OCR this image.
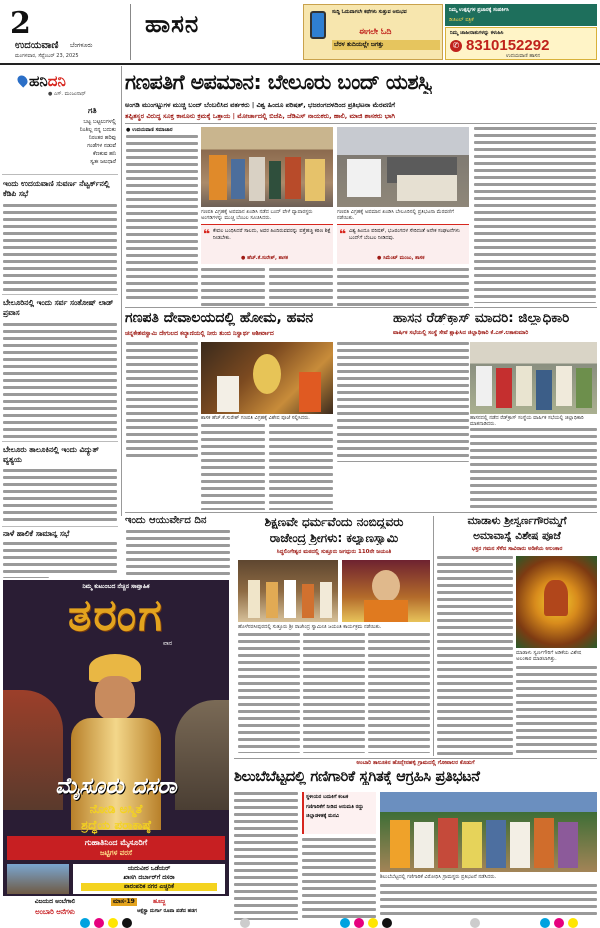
2
ಉದಯವಾಣಿ ಬೆಂಗಳೂರು
ಮಂಗಳವಾರ, ಸೆಪ್ಟೆಂಬರ್ 23, 2025
ಹಾಸನ	ಸುದ್ದಿ ಓದುವಾಗಲೇ ಕಥೆಗಳು ಸುತ್ತುವ ಅನುಭವ
ಈಗಲೇ ಓದಿ
ಬೆರಳ ತುದಿಯಲ್ಲೇ ಜಗತ್ತು
ನಿಮ್ಮ ಉತ್ಪನ್ನಗಳ ಪ್ರಚಾರಕ್ಕೆ ಸಂಪರ್ಕಿಸಿ
ಡಿಜಿಟಲ್ ಪತ್ರಿಕೆ
ನಿಮ್ಮ ಜಾಹೀರಾತುಗಳನ್ನು ಕಳುಹಿಸಿ
✆ 8310152292
ಉದಯವಾಣಿ ಹಾಸನ
ಹನಿದನಿ
● ಎಸ್. ಮಂಜುನಾಥ್
ಗತಿ
ಬಟ್ಟ ಬಟ್ಟಲುಗಳಲ್ಲಿ
ನಿಂತಿಲ್ಲ ನನ್ನ ಬದುಕು
ನಿರಂತರ ಹರಿವು
ಗಂಡೆಗಳ ನಡುವೆ
ಕೆಣಕುವ ಹನಿ
ಸ್ವತಃ ಜಲಧಾರೆ
ಇಂದು ಉದಯವಾಣಿ ಸುವರ್ಣ ನೆಟ್ವರ್ಕ್‌ನಲ್ಲಿ ಕೆಡಿಪಿ ಸಭೆ
ಬೇಲೂರಿನಲ್ಲಿ ಇಂದು ಸರ್ವ ಸಂತೋಷ್ ಲಾಡ್ ಪ್ರವಾಸ
ಬೇಲೂರು ತಾಲೂಕಿನಲ್ಲಿ ಇಂದು ವಿದ್ಯುತ್ ವ್ಯತ್ಯಯ
ನಾಳೆ ಹಾಲಿಕೆ ಸಾಮಾನ್ಯ ಸಭೆ
ಗಣಪತಿಗೆ ಅಪಮಾನ: ಬೇಲೂರು ಬಂದ್ ಯಶಸ್ವಿ
ಅಂಗಡಿ ಮುಂಗಟ್ಟುಗಳ ಮುಚ್ಚಿ ಬಂದ್ ಬೆಂಬಲಿಸಿದ ವರ್ತಕರು | ವಿಶ್ವ ಹಿಂದೂ ಪರಿಷತ್, ಭಜರಂಗದಳದಿಂದ ಪ್ರತಿಭಟನಾ ಮೆರವಣಿಗೆ
ತಪ್ಪಿತಸ್ಥರ ವಿರುದ್ಧ ಸೂಕ್ತ ಕಾನೂನು ಕ್ರಮಕ್ಕೆ ಒತ್ತಾಯ | ಮೋರ್ಚಾದಲ್ಲಿ ಬಿಜೆಪಿ, ಜೆಡಿಎಸ್ ನಾಯಕರು, ಹಾಲಿ, ಮಾಜಿ ಶಾಸಕರು ಭಾಗಿ
● ಉದಯವಾಣಿ ಸಮಾಚಾರ
ಗಣಪತಿ ವಿಗ್ರಹಕ್ಕೆ ಅಪಮಾನ ಖಂಡಿಸಿ ನಡೆದ ಬಂದ್ ವೇಳೆ ವ್ಯಾಪಾರಸ್ಥರು ಅಂಗಡಿಗಳನ್ನು ಮುಚ್ಚಿ ಬೆಂಬಲ ಸೂಚಿಸಿದರು.
ಗಣಪತಿ ವಿಗ್ರಹಕ್ಕೆ ಅಪಮಾನ ಖಂಡಿಸಿ ಬೇಲೂರಿನಲ್ಲಿ ಪ್ರತಿಭಟನಾ ಮೆರವಣಿಗೆ ನಡೆಯಿತು.
❝ ಕೇವಲ ಬಂಧಿಸಿದರೆ ಸಾಲದು, ಅವರ ಹಿಂದಿರುವವರನ್ನು ಪತ್ತೆಹಚ್ಚಿ ಕಠಿಣ ಶಿಕ್ಷೆ ನೀಡಬೇಕು.
● ಹೆಚ್.ಕೆ.ಸುರೇಶ್, ಶಾಸಕ
❝ ವಿಶ್ವ ಹಿಂದೂ ಪರಿಷತ್, ಭಜರಂಗದಳ ಸೇರಿದಂತೆ ಅನೇಕ ಸಂಘಟನೆಗಳು ಬಂದ್‌ಗೆ ಬೆಂಬಲ ನೀಡಿದವು.
● ಸಿಮೆಂಟ್ ಮಂಜು, ಶಾಸಕ
ಗಣಪತಿ ದೇವಾಲಯದಲ್ಲಿ ಹೋಮ, ಹವನ
ಚನ್ನಕೇಶವಸ್ವಾಮಿ ದೇಗುಲದ ಕಲ್ಯಾಣಿಯಲ್ಲಿ ನೀರು ತುಂಬಿ ನಿಸ್ವಾರ್ಥ ಆಶೀರ್ವಾದ
ಶಾಸಕ ಹೆಚ್.ಕೆ.ಸುರೇಶ್ ಗಣಪತಿ ವಿಗ್ರಹಕ್ಕೆ ವಿಶೇಷ ಪೂಜೆ ಸಲ್ಲಿಸಿದರು.
ಹಾಸನ ರೆಡ್‌ಕ್ರಾಸ್ ಮಾದರಿ: ಜಿಲ್ಲಾಧಿಕಾರಿ
ವಾರ್ಷಿಕ ಸಭೆಯಲ್ಲಿ ಸಂಸ್ಥೆ ಸೇವೆ ಶ್ಲಾಘಿಸಿದ ಜಿಲ್ಲಾಧಿಕಾರಿ ಕೆ.ಎಸ್.ಲತಾಕುಮಾರಿ
ಹಾಸನದಲ್ಲಿ ನಡೆದ ರೆಡ್‌ಕ್ರಾಸ್ ಸಂಸ್ಥೆಯ ವಾರ್ಷಿಕ ಸಭೆಯಲ್ಲಿ ಜಿಲ್ಲಾಧಿಕಾರಿ ಮಾತನಾಡಿದರು.
ಇಂದು ಆಯುರ್ವೇದ ದಿನ	ಶಿಕ್ಷಣವೇ ಧರ್ಮವೆಂದು ನಂಬಿದ್ದವರು
ರಾಜೇಂದ್ರ ಶ್ರೀಗಳು: ಕಲ್ಯಾಣಸ್ವಾಮಿ
ಸಿದ್ಧಲಿಂಗೇಶ್ವರ ಮಠದಲ್ಲಿ ಸುತ್ತೂರು ಜಗದ್ಗುರು 110ನೇ ಜಯಂತಿ
ಹೊಳೆನರಸೀಪುರದಲ್ಲಿ ಸುತ್ತೂರು ಶ್ರೀ ರಾಜೇಂದ್ರ ಸ್ವಾಮೀಜಿ ಜಯಂತಿ ಕಾರ್ಯಕ್ರಮ ನಡೆಯಿತು.
ಮಾಡಾಳು ಶ್ರೀಸ್ವರ್ಣಗೌರಮ್ಮಗೆ
ಅಮಾವಾಸ್ಯೆ ವಿಶೇಷ ಪೂಜೆ
ಭಕ್ತರ ಗಮನ ಸೆಳೆದ ಸಾವಿರಾರು ಅಡಿಕೆಯ ಅಲಂಕಾರ
ಮಾಡಾಳು ಸ್ವರ್ಣಗೌರಿಗೆ ಅಡಿಕೆಯ ವಿಶೇಷ ಅಲಂಕಾರ ಮಾಡಲಾಗಿತ್ತು.
ನಿಮ್ಮ ಕುಟುಂಬದ ನೆಚ್ಚಿನ ಸಾಪ್ತಾಹಿಕ
ತರಂಗ
ವಾರ
ಮೈಸೂರು ದಸರಾ
ನೋಡಿ ಅಸ್ಮಿತೆ
ಶ್ರದ್ಧೆಯ ಪರಾಕಾಷ್ಠೆ
ಗುಹಾತಿನಿಂದ ಮೈಸೂರಿಗೆ
ಜಟ್ಟಿಗಳ ವರಸೆ
ಯದುವೀರ ಒಡೆಯರ್
ಖಾಸಗಿ ದರ್ಬಾರ್‌ಗೆ ದಸರಾ
ಪಾರಂಪರಿಕ ನಗರ ಎಚ್ಚರಿಕೆ
ವಿಜಯದ ಅಂಬೆಗಾಲಿ
ಅಂಬಾರಿ ಆನೆಗಳು
ಮಾಸ-19	ಹೂಜ್ಜ
ಆಕ್ಸೆಸ್ಟ್ರಾ ದುರ್ಗಾ ರೂಪಾ ಪಡೆದ ಹಡಗ
ಅಂಬಾರಿ ತಾಲೂಕಿನ ಹೊನ್ನೇನಹಳ್ಳಿ ಗ್ರಾಮದಲ್ಲಿ ಗೋಪಾಲರ ಕೊಡುಗೆ
ಶಿಲುಬೆಬೆಟ್ಟದಲ್ಲಿ ಗಣಿಗಾರಿಕೆ ಸ್ಥಗಿತಕ್ಕೆ ಆಗ್ರಹಿಸಿ ಪ್ರತಿಭಟನೆ
ಸ್ಥಳೀಯರ ಬದುಕಿಗೆ ಕಂಟಕ
ಗಣಿಗಾರಿಕೆಗೆ ನೀಡಿದ ಅನುಮತಿ ರದ್ದು
ಜಿಲ್ಲಾಡಳಿತಕ್ಕೆ ಮನವಿ
ಶಿಲುಬೆಬೆಟ್ಟದಲ್ಲಿ ಗಣಿಗಾರಿಕೆ ವಿರೋಧಿಸಿ ಗ್ರಾಮಸ್ಥರು ಪ್ರತಿಭಟನೆ ನಡೆಸಿದರು.
